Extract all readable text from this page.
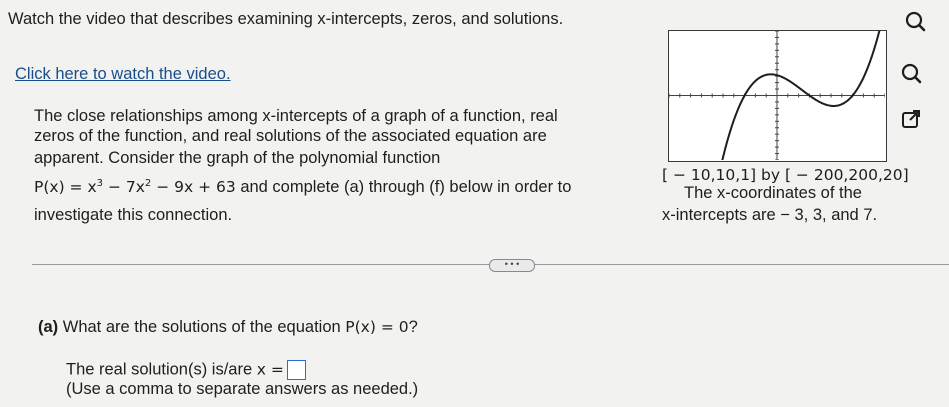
Watch the video that describes examining x-intercepts, zeros, and solutions.
Click here to watch the video.
The close relationships among x-intercepts of a graph of a function, real
zeros of the function, and real solutions of the associated equation are
apparent. Consider the graph of the polynomial function
$P(x) = x^3 - 7x^2 - 9x + 63$ and complete (a) through (f) below in order to
investigate this connection.
[ − 10,10,1] by [ − 200,200,20]
The x-coordinates of the
x-intercepts are − 3, 3, and 7.
• • •
(a) What are the solutions of the equation P(x) = 0?
The real solution(s) is/are x =
(Use a comma to separate answers as needed.)
